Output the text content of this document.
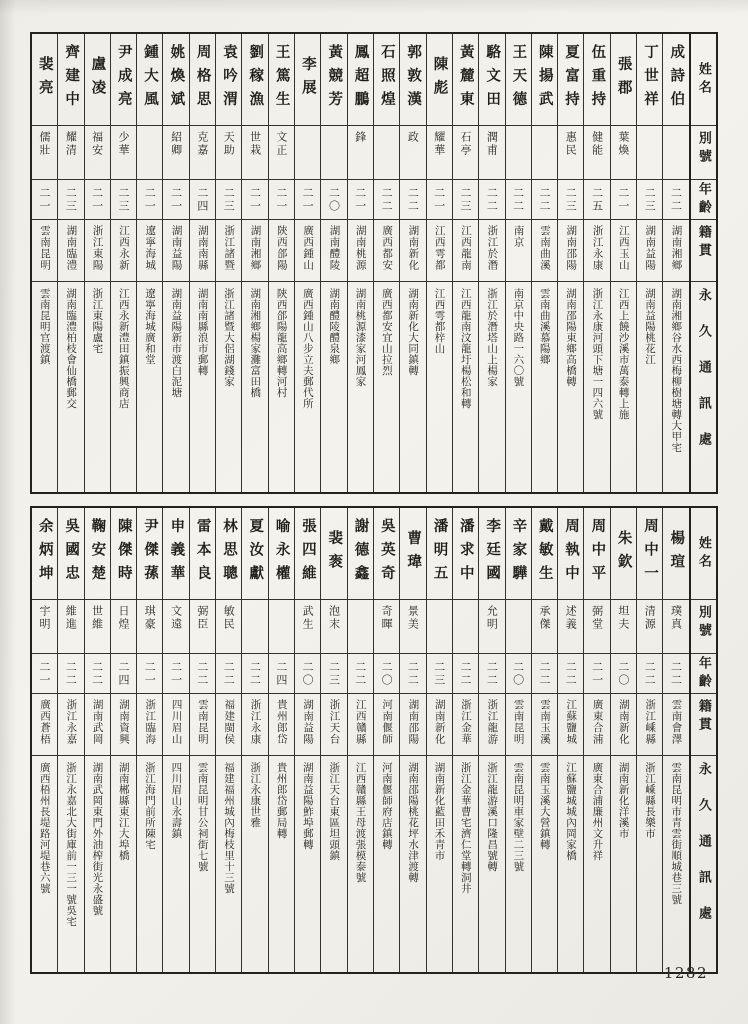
姓名
別號
年齡
籍貫
永久通訊處
成詩伯
二二
湖南湘鄉
湖南湘鄉谷水西梅柳樹塘轉大甲宅
丁世祥
二三
湖南益陽
湖南益陽桃花江
張郡
葉煥
二一
江西玉山
江西上饒沙溪市萬泰轉上施
伍重持
健能
二五
浙江永康
浙江永康河頭下塘一四六號
夏富持
惠民
二三
湖南邵陽
湖南邵陽東鄉高橋轉
陳揚武
二二
雲南曲溪
雲南曲溪慕陽鄉
王天德
二二
南京
南京中央路一六〇號
駱文田
潤甫
二二
浙江於潛
浙江於潛塔山上楊家
黃麓東
石亭
二三
江西龍南
江西龍南汶龍圩楊松和轉
陳彪
耀華
二一
江西雩都
江西雩都梓山
郭敦漢
政
二二
湖南新化
湖南新化大同鎮轉
石照煌
二二
廣西都安
廣西都安宜山拉烈
鳳超鵬
鋒
二一
湖南桃源
湖南桃源漆家河鳳家
黃競芳
二〇
湖南醴陵
湖南醴陵醴泉鄉
李展
二一
廣西鍾山
廣西鍾山八步立夫郵代所
王篤生
文正
二一
陝西郃陽
陝西郃陽龍高鄉轉河村
劉稼漁
世栽
二一
湖南湘鄉
湖南湘鄉楊家灘富田橋
袁吟渭
天助
二三
浙江諸暨
浙江諸暨大侶湖錢家
周格思
克嘉
二四
湖南南縣
湖南南縣浪市郵轉
姚煥斌
紹卿
二一
湖南益陽
湖南益陽新市渡白泥塘
鍾大風
二一
遼寧海城
遼寧海城廣和堂
尹成亮
少華
二三
江西永新
江西永新澧田鎮振興商店
盧凌
福安
二一
浙江東陽
浙江東陽盧宅
齊建中
耀清
二三
湖南臨澧
湖南臨澧柏枝會仙橋郵交
裴亮
儒壯
二一
雲南昆明
雲南昆明官渡鎮
姓名
別號
年齡
籍貫
永久通訊處
楊瑄
璞真
二二
雲南會澤
雲南昆明市青雲街順城巷三號
周中一
清源
二二
浙江嵊縣
浙江嵊縣長樂市
朱欽
坦夫
二〇
湖南新化
湖南新化洋溪市
周中平
弼堂
二一
廣東合浦
廣東合浦廉州文升祥
周執中
述義
二二
江蘇鹽城
江蘇鹽城城內岡家橋
戴敏生
承傑
二二
雲南玉溪
雲南玉溪大營鎮轉
辛家驊
二〇
雲南昆明
雲南昆明車家壁二三號
李廷國
允明
二二
浙江龍游
浙江龍游溪口隆昌號轉
潘求中
二二
浙江金華
浙江金華曹宅濟仁堂轉洞井
潘明五
二三
湖南新化
湖南新化藍田禾青市
曹瑋
景美
二二
湖南邵陽
湖南邵陽桃花坪水津渡轉
吳英奇
奇暉
二〇
河南偃師
河南偃師府店鎮轉
謝德鑫
二二
江西贛縣
江西贛縣王母渡張模泰號
裴袠
泡末
二三
浙江天台
浙江天台東區坦頭鎮
張四維
武生
二〇
湖南益陽
湖南益陽鮓埠郵轉
喻永權
二四
貴州郎岱
貴州郎岱郵局轉
夏汝獻
二二
浙江永康
浙江永康世雅
林思聰
敏民
二二
福建閩侯
福建福州城內梅枝里十三號
雷本良
弼臣
二二
雲南昆明
雲南昆明甘公祠街七號
申義華
文遠
二一
四川眉山
四川眉山永壽鎮
尹傑蓀
琪豪
二一
浙江臨海
浙江海門前所陳宅
陳傑時
日煌
二四
湖南資興
湖南郴縣東江大埠橋
鞠安楚
世維
二二
湖南武岡
湖南武岡東門外油榨街光永盛號
吳國忠
維進
二二
浙江永嘉
浙江永嘉北大街庫前一三一號吳宅
余炳坤
宇明
二一
廣西蒼梧
廣西梧州長堤路河堤巷六號
1282
